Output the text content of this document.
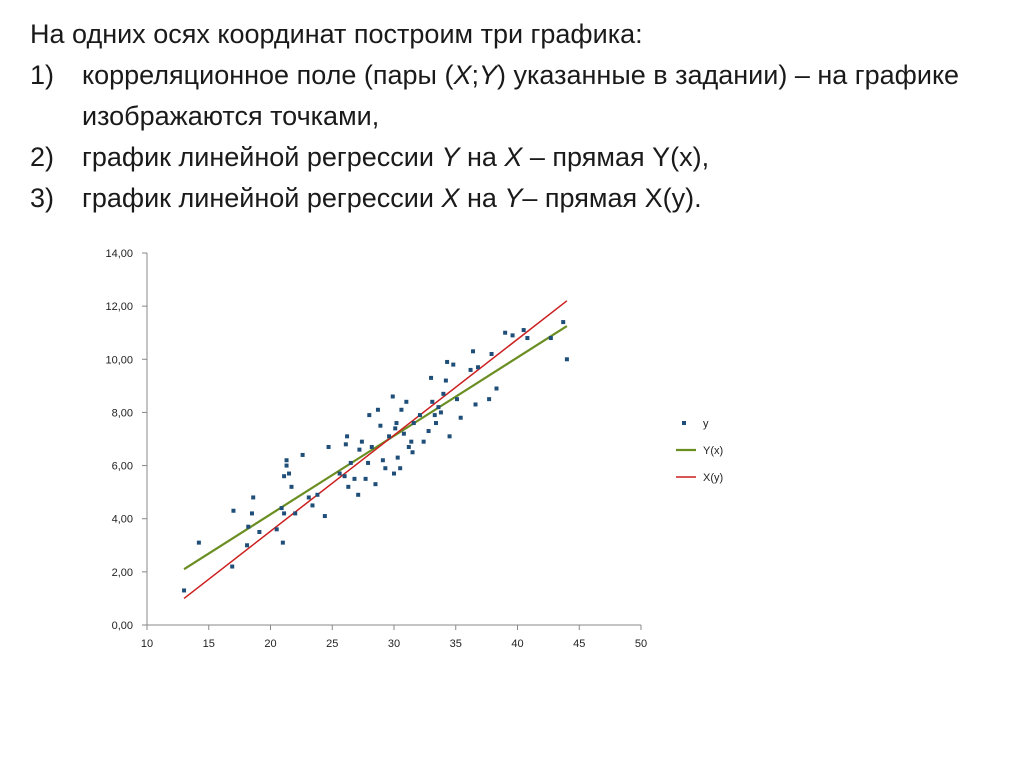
На одних осях координат построим три графика:

1) корреляционное поле (пары (X;Y) указанные в задании) – на графике изображаются точками,
2) график линейной регрессии Y на X – прямая Y(x),
3) график линейной регрессии X на Y– прямая X(y).
0,00
2,00
4,00
6,00
8,00
10,00
12,00
14,00
10	15	20	25	30	35	40	45	50
y
Y(x)
X(y)
